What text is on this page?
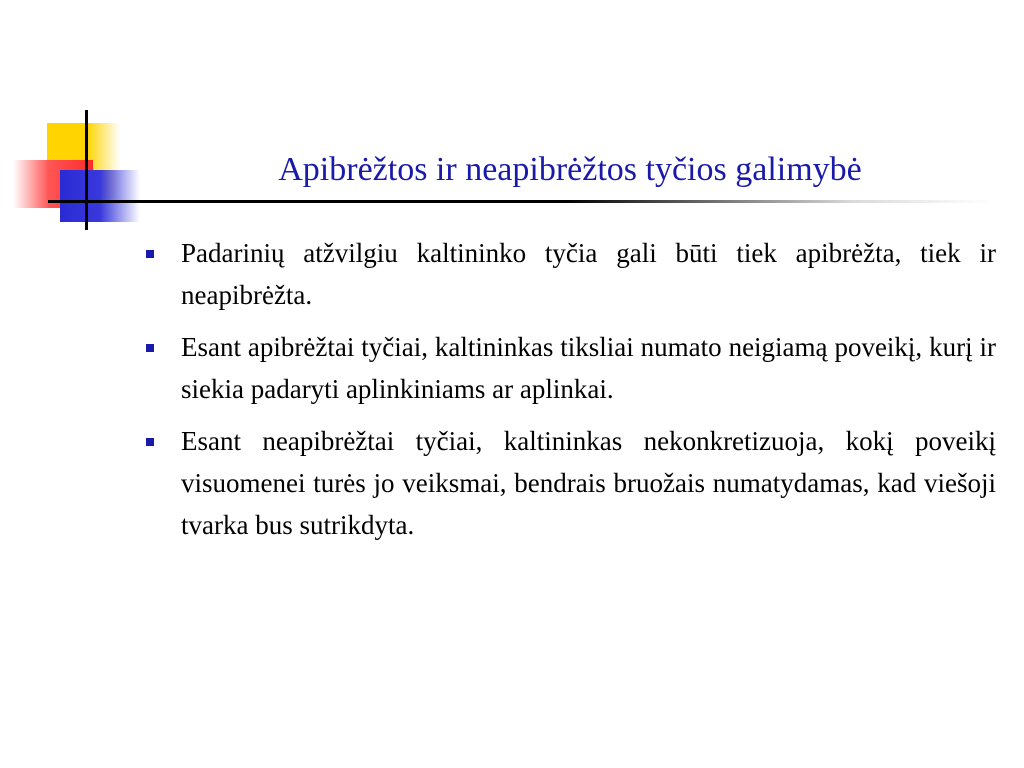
Apibrėžtos ir neapibrėžtos tyčios galimybė
Padarinių atžvilgiu kaltininko tyčia gali būti tiek apibrėžta, tiek ir neapibrėžta.
Esant apibrėžtai tyčiai, kaltininkas tiksliai numato neigiamą poveikį, kurį ir siekia padaryti aplinkiniams ar aplinkai.
Esant neapibrėžtai tyčiai, kaltininkas nekonkretizuoja, kokį poveikį visuomenei turės jo veiksmai, bendrais bruožais numatydamas, kad viešoji tvarka bus sutrikdyta.
